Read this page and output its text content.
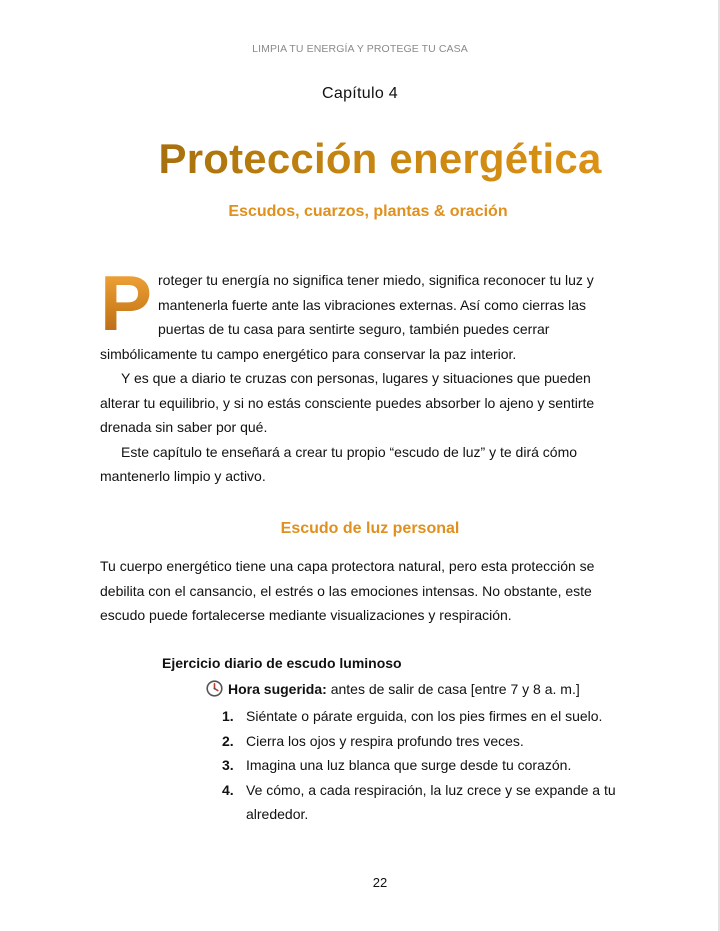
LIMPIA TU ENERGÍA Y PROTEGE TU CASA
Capítulo 4
Protección energética
Escudos, cuarzos, plantas & oración

P roteger tu energía no significa tener miedo, significa reconocer tu luz y mantenerla fuerte ante las vibraciones externas. Así como cierras las puertas de tu casa para sentirte seguro, también puedes cerrar simbólicamente tu campo energético para conservar la paz interior.

Y es que a diario te cruzas con personas, lugares y situaciones que pueden alterar tu equilibrio, y si no estás consciente puedes absorber lo ajeno y sentirte drenada sin saber por qué.

Este capítulo te enseñará a crear tu propio “escudo de luz” y te dirá cómo mantenerlo limpio y activo.

Escudo de luz personal
Tu cuerpo energético tiene una capa protectora natural, pero esta protección se debilita con el cansancio, el estrés o las emociones intensas. No obstante, este escudo puede fortalecerse mediante visualizaciones y respiración.
Ejercicio diario de escudo luminoso
Hora sugerida: antes de salir de casa [entre 7 y 8 a. m.]
1. Siéntate o párate erguida, con los pies firmes en el suelo.
2. Cierra los ojos y respira profundo tres veces.
3. Imagina una luz blanca que surge desde tu corazón.
4. Ve cómo, a cada respiración, la luz crece y se expande a tu alrededor.
22
